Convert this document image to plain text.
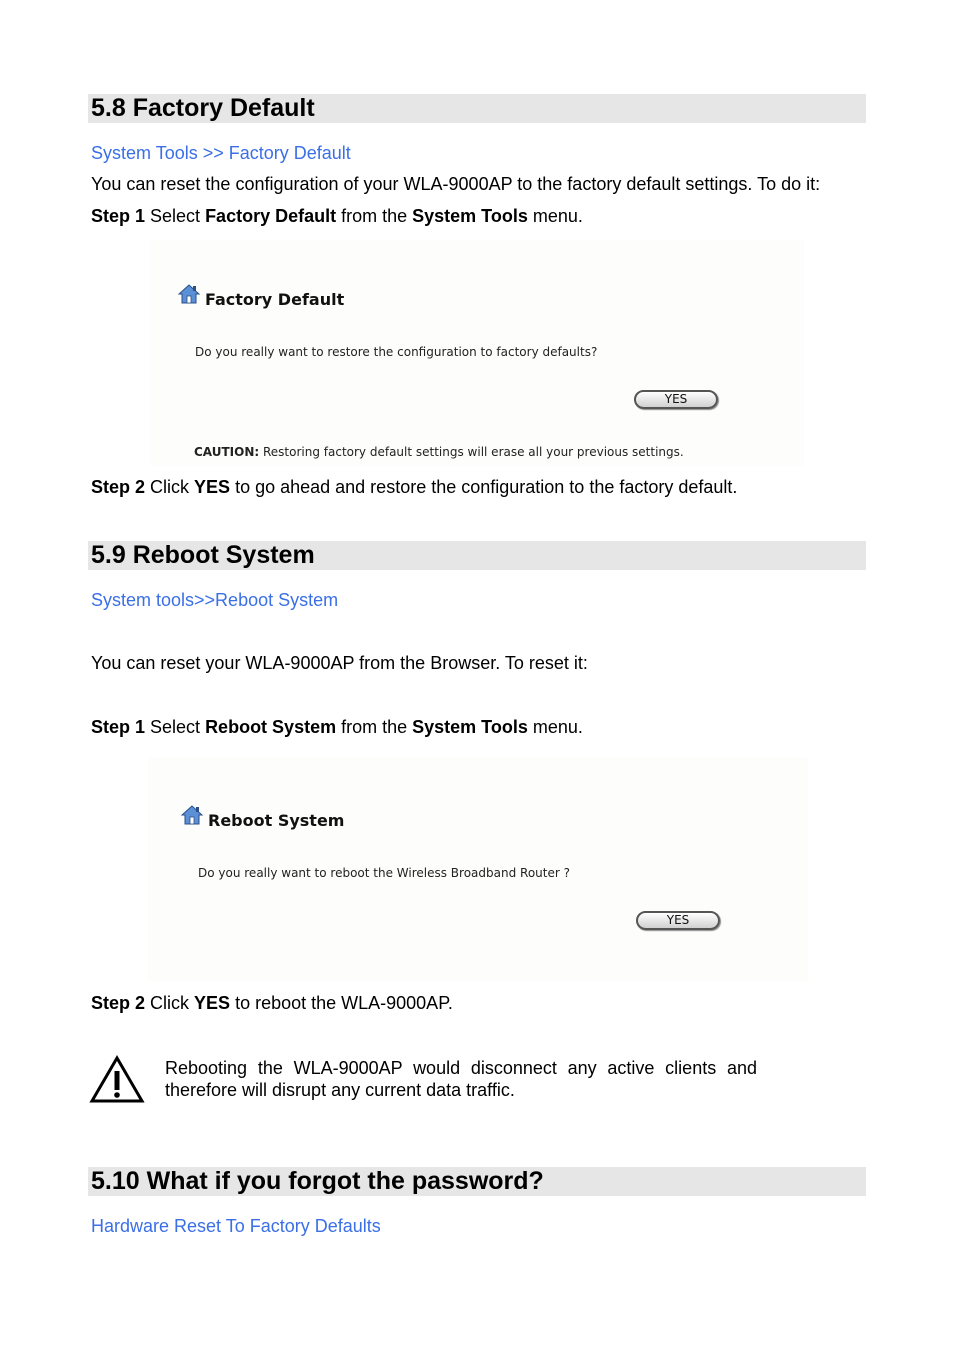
5.8 Factory Default
System Tools >> Factory Default
You can reset the configuration of your WLA-9000AP to the factory default settings. To do it:
Step 1 Select Factory Default from the System Tools menu.
Factory Default
Do you really want to restore the configuration to factory defaults?
YES
CAUTION: Restoring factory default settings will erase all your previous settings.
Step 2 Click YES to go ahead and restore the configuration to the factory default.
5.9 Reboot System
System tools>>Reboot System
You can reset your WLA-9000AP from the Browser. To reset it:
Step 1 Select Reboot System from the System Tools menu.
Reboot System
Do you really want to reboot the Wireless Broadband Router ?
YES
Step 2 Click YES to reboot the WLA-9000AP.
Rebooting the WLA-9000AP would disconnect any active clients and therefore will disrupt any current data traffic.
5.10 What if you forgot the password?
Hardware Reset To Factory Defaults
